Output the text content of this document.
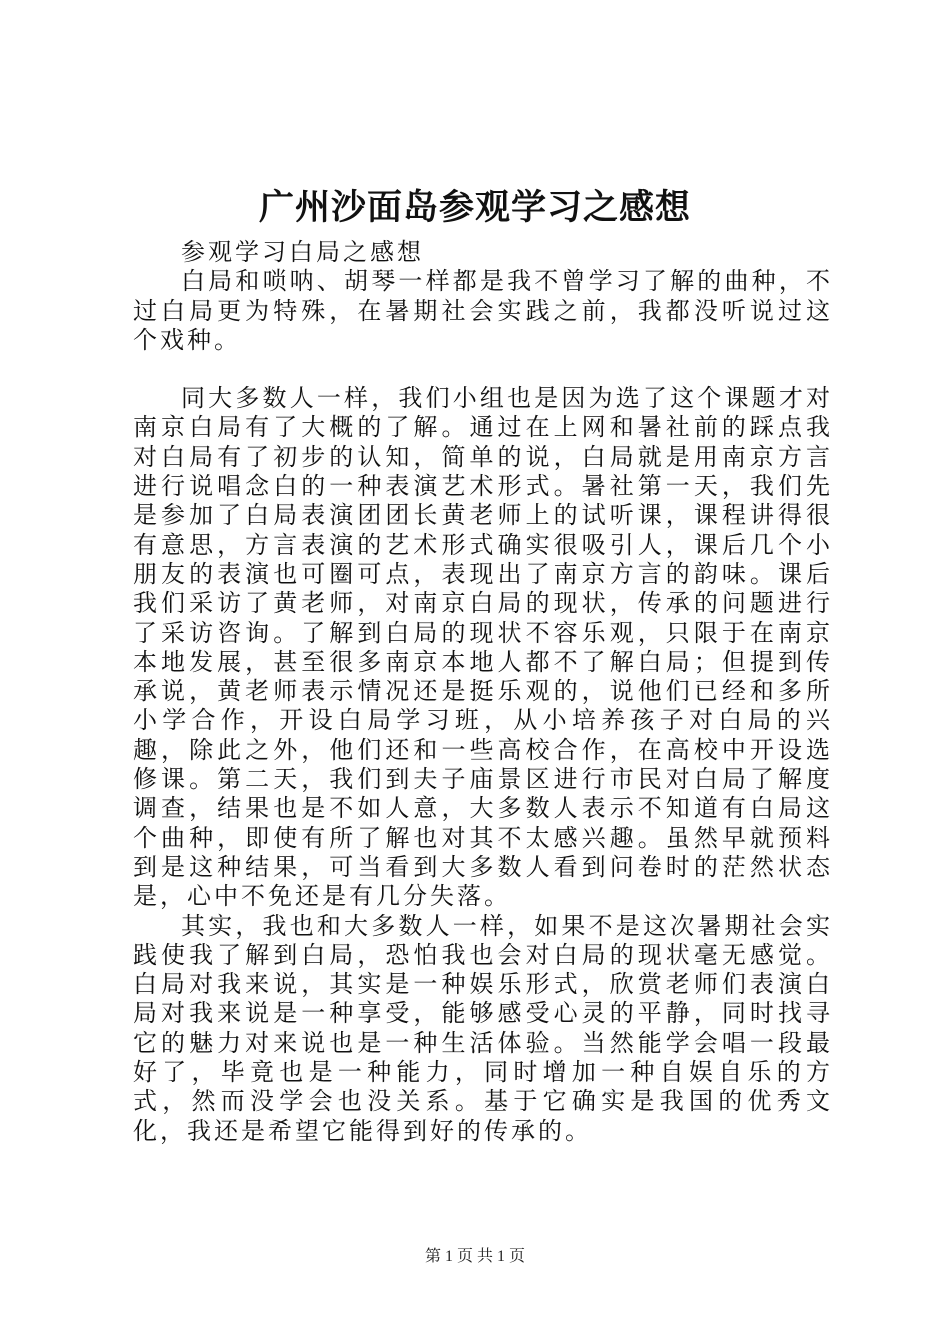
广州沙面岛参观学习之感想

参观学习白局之感想

白局和唢呐、胡琴一样都是我不曾学习了解的曲种，不过白局更为特殊，在暑期社会实践之前，我都没听说过这个戏种。

同大多数人一样，我们小组也是因为选了这个课题才对南京白局有了大概的了解。通过在上网和暑社前的踩点我对白局有了初步的认知，简单的说，白局就是用南京方言进行说唱念白的一种表演艺术形式。暑社第一天，我们先是参加了白局表演团团长黄老师上的试听课，课程讲得很有意思，方言表演的艺术形式确实很吸引人，课后几个小朋友的表演也可圈可点，表现出了南京方言的韵味。课后我们采访了黄老师，对南京白局的现状，传承的问题进行了采访咨询。了解到白局的现状不容乐观，只限于在南京本地发展，甚至很多南京本地人都不了解白局；但提到传承说，黄老师表示情况还是挺乐观的，说他们已经和多所小学合作，开设白局学习班，从小培养孩子对白局的兴趣，除此之外，他们还和一些高校合作，在高校中开设选修课。第二天，我们到夫子庙景区进行市民对白局了解度调查，结果也是不如人意，大多数人表示不知道有白局这个曲种，即使有所了解也对其不太感兴趣。虽然早就预料到是这种结果，可当看到大多数人看到问卷时的茫然状态是，心中不免还是有几分失落。

其实，我也和大多数人一样，如果不是这次暑期社会实践使我了解到白局，恐怕我也会对白局的现状毫无感觉。白局对我来说，其实是一种娱乐形式，欣赏老师们表演白局对我来说是一种享受，能够感受心灵的平静，同时找寻它的魅力对来说也是一种生活体验。当然能学会唱一段最好了，毕竟也是一种能力，同时增加一种自娱自乐的方式，然而没学会也没关系。基于它确实是我国的优秀文化，我还是希望它能得到好的传承的。

第 1 页 共 1 页
